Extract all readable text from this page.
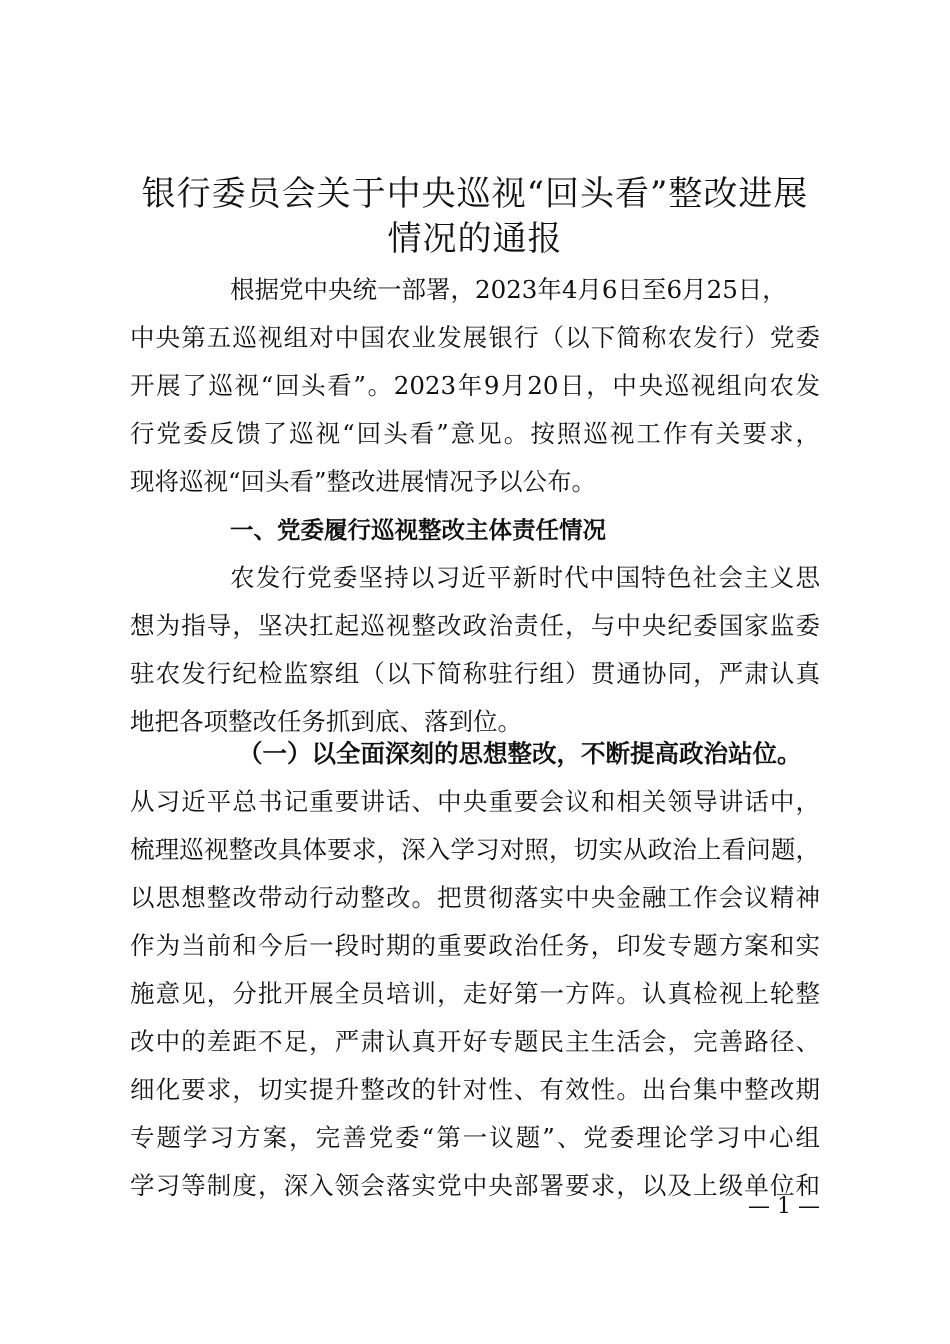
银行委员会关于中央巡视“回头看”整改进展
情况的通报

根据党中央统一部署，2023年4月6日至6月25日，

中央第五巡视组对中国农业发展银行（以下简称农发行）党委

开展了巡视“回头看”。2023年9月20日，中央巡视组向农发

行党委反馈了巡视“回头看”意见。按照巡视工作有关要求，

现将巡视“回头看”整改进展情况予以公布。

一、党委履行巡视整改主体责任情况

农发行党委坚持以习近平新时代中国特色社会主义思

想为指导，坚决扛起巡视整改政治责任，与中央纪委国家监委

驻农发行纪检监察组（以下简称驻行组）贯通协同，严肃认真

地把各项整改任务抓到底、落到位。

（一）以全面深刻的思想整改，不断提高政治站位。

从习近平总书记重要讲话、中央重要会议和相关领导讲话中，

梳理巡视整改具体要求，深入学习对照，切实从政治上看问题，

以思想整改带动行动整改。把贯彻落实中央金融工作会议精神

作为当前和今后一段时期的重要政治任务，印发专题方案和实

施意见，分批开展全员培训，走好第一方阵。认真检视上轮整

改中的差距不足，严肃认真开好专题民主生活会，完善路径、

细化要求，切实提升整改的针对性、有效性。出台集中整改期

专题学习方案，完善党委“第一议题”、党委理论学习中心组

学习等制度，深入领会落实党中央部署要求，以及上级单位和

— 1 —
